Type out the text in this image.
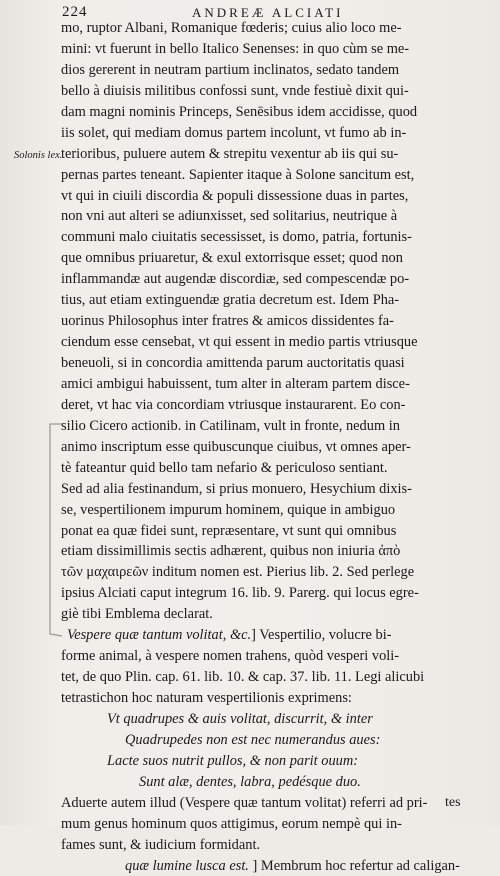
224	ANDREÆ ALCIATI
Solonis lex.
mo, ruptor Albani, Romanique fœderis; cuius alio loco me-
mini: vt fuerunt in bello Italico Senenses: in quo cùm se me-
dios gererent in neutram partium inclinatos, sedato tandem
bello à diuisis militibus confossi sunt, vnde festiuè dixit qui-
dam magni nominis Princeps, Senēsibus idem accidisse, quod
iis solet, qui mediam domus partem incolunt, vt fumo ab in-
terioribus, puluere autem & strepitu vexentur ab iis qui su-
pernas partes teneant. Sapienter itaque à Solone sancitum est,
vt qui in ciuili discordia & populi dissessione duas in partes,
non vni aut alteri se adiunxisset, sed solitarius, neutrique à
communi malo ciuitatis secessisset, is domo, patria, fortunis-
que omnibus priuaretur, & exul extorrisque esset; quod non
inflammandæ aut augendæ discordiæ, sed compescendæ po-
tius, aut etiam extinguendæ gratia decretum est. Idem Pha-
uorinus Philosophus inter fratres & amicos dissidentes fa-
ciendum esse censebat, vt qui essent in medio partis vtriusque
beneuoli, si in concordia amittenda parum auctoritatis quasi
amici ambigui habuissent, tum alter in alteram partem disce-
deret, vt hac via concordiam vtriusque instaurarent. Eo con-
silio Cicero actionib. in Catilinam, vult in fronte, nedum in
animo inscriptum esse quibuscunque ciuibus, vt omnes aper-
tè fateantur quid bello tam nefario & periculoso sentiant.
Sed ad alia festinandum, si prius monuero, Hesychium dixis-
se, vespertilionem impurum hominem, quique in ambiguo
ponat ea quæ fidei sunt, repræsentare, vt sunt qui omnibus
etiam dissimillimis sectis adhærent, quibus non iniuria ἀπὸ
τῶν μαχαιρεῶν inditum nomen est. Pierius lib. 2. Sed perlege
ipsius Alciati caput integrum 16. lib. 9. Parerg. qui locus egre-
giè tibi Emblema declarat.
Vespere quæ tantum volitat, &c.] Vespertilio, volucre bi-
forme animal, à vespere nomen trahens, quòd vesperi voli-
tet, de quo Plin. cap. 61. lib. 10. & cap. 37. lib. 11. Legi alicubi
tetrastichon hoc naturam vespertilionis exprimens:
Vt quadrupes & auis volitat, discurrit, & inter
Quadrupedes non est nec numerandus aues:
Lacte suos nutrit pullos, & non parit ouum:
Sunt alæ, dentes, labra, pedésque duo.
Aduerte autem illud (Vespere quæ tantum volitat) referri ad pri-
mum genus hominum quos attigimus, eorum nempè qui in-
fames sunt, & iudicium formidant.
quæ lumine lusca est. ] Membrum hoc refertur ad caligan-
tes
